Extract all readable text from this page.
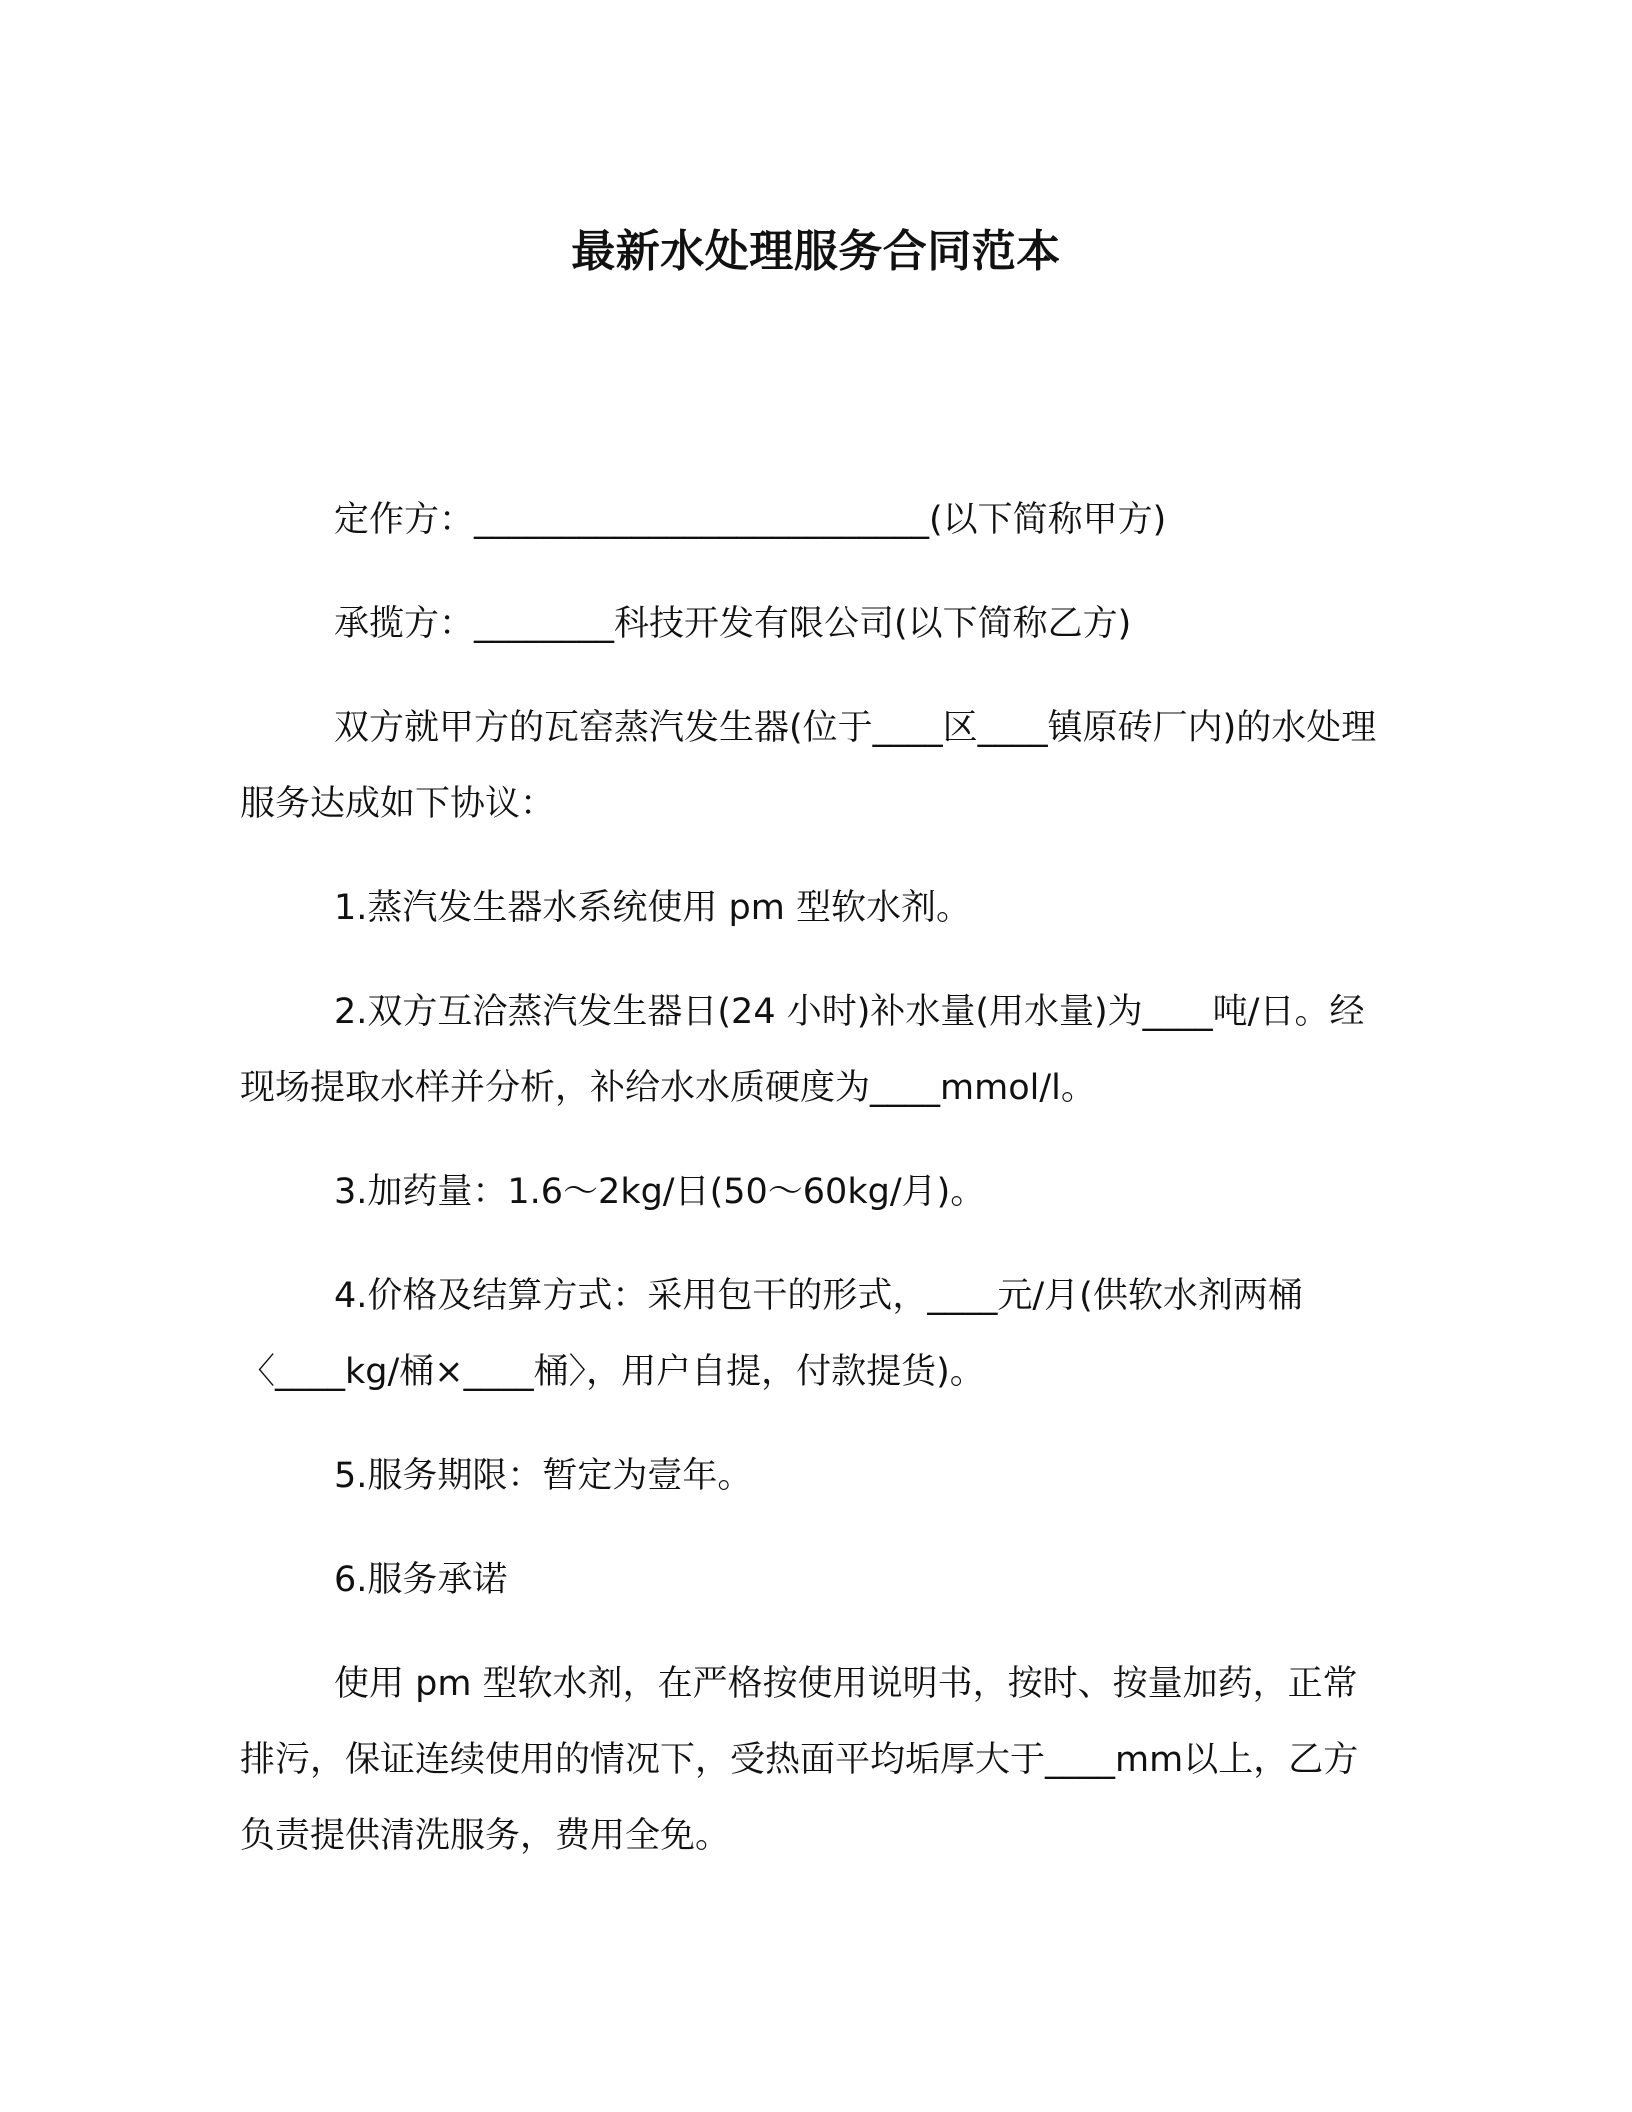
最新水处理服务合同范本

定作方：__________________________(以下简称甲方)

承揽方：________科技开发有限公司(以下简称乙方)

双方就甲方的瓦窑蒸汽发生器(位于____区____镇原砖厂内)的水处理服务达成如下协议：

1.蒸汽发生器水系统使用 pm 型软水剂。

2.双方互洽蒸汽发生器日(24 小时)补水量(用水量)为____吨/日。经现场提取水样并分析，补给水水质硬度为____mmol/l。

3.加药量：1.6～2kg/日(50～60kg/月)。

4.价格及结算方式：采用包干的形式，____元/月(供软水剂两桶〈____kg/桶×____桶〉，用户自提，付款提货)。

5.服务期限：暂定为壹年。

6.服务承诺

使用 pm 型软水剂，在严格按使用说明书，按时、按量加药，正常排污，保证连续使用的情况下，受热面平均垢厚大于____mm以上，乙方负责提供清洗服务，费用全免。
